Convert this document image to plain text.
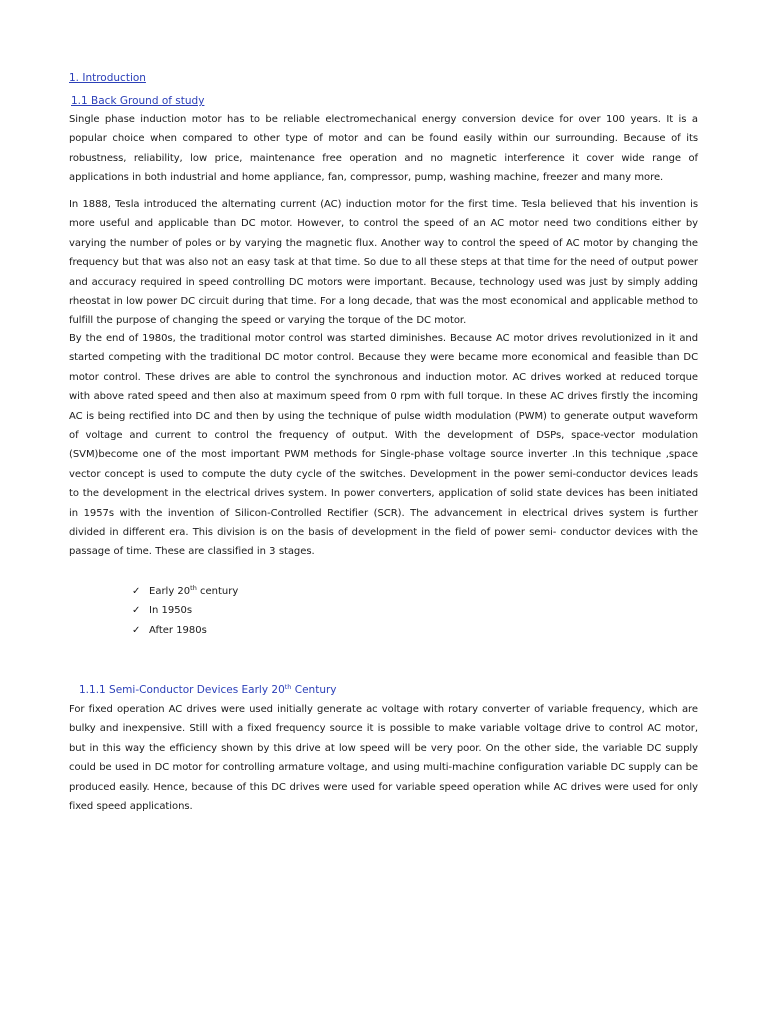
1. Introduction
1.1 Back Ground of study

Single phase induction motor has to be reliable electromechanical energy conversion device for over 100 years. It is a popular choice when compared to other type of motor and can be found easily within our surrounding. Because of its robustness, reliability, low price, maintenance free operation and no magnetic interference it cover wide range of applications in both industrial and home appliance, fan, compressor, pump, washing machine, freezer and many more.

In 1888, Tesla introduced the alternating current (AC) induction motor for the first time. Tesla believed that his invention is more useful and applicable than DC motor. However, to control the speed of an AC motor need two conditions either by varying the number of poles or by varying the magnetic flux. Another way to control the speed of AC motor by changing the frequency but that was also not an easy task at that time. So due to all these steps at that time for the need of output power and accuracy required in speed controlling DC motors were important. Because, technology used was just by simply adding rheostat in low power DC circuit during that time. For a long decade, that was the most economical and applicable method to fulfill the purpose of changing the speed or varying the torque of the DC motor.

By the end of 1980s, the traditional motor control was started diminishes. Because AC motor drives revolutionized in it and started competing with the traditional DC motor control. Because they were became more economical and feasible than DC motor control. These drives are able to control the synchronous and induction motor. AC drives worked at reduced torque with above rated speed and then also at maximum speed from 0 rpm with full torque. In these AC drives firstly the incoming AC is being rectified into DC and then by using the technique of pulse width modulation (PWM) to generate output waveform of voltage and current to control the frequency of output. With the development of DSPs, space-vector modulation (SVM)become one of the most important PWM methods for Single-phase voltage source inverter .In this technique ,space vector concept is used to compute the duty cycle of the switches. Development in the power semi-conductor devices leads to the development in the electrical drives system. In power converters, application of solid state devices has been initiated in 1957s with the invention of Silicon-Controlled Rectifier (SCR). The advancement in electrical drives system is further divided in different era. This division is on the basis of development in the field of power semi- conductor devices with the passage of time. These are classified in 3 stages.

✓ Early 20th century
✓ In 1950s
✓ After 1980s
1.1.1 Semi-Conductor Devices Early 20th Century

For fixed operation AC drives were used initially generate ac voltage with rotary converter of variable frequency, which are bulky and inexpensive. Still with a fixed frequency source it is possible to make variable voltage drive to control AC motor, but in this way the efficiency shown by this drive at low speed will be very poor. On the other side, the variable DC supply could be used in DC motor for controlling armature voltage, and using multi-machine configuration variable DC supply can be produced easily. Hence, because of this DC drives were used for variable speed operation while AC drives were used for only fixed speed applications.
